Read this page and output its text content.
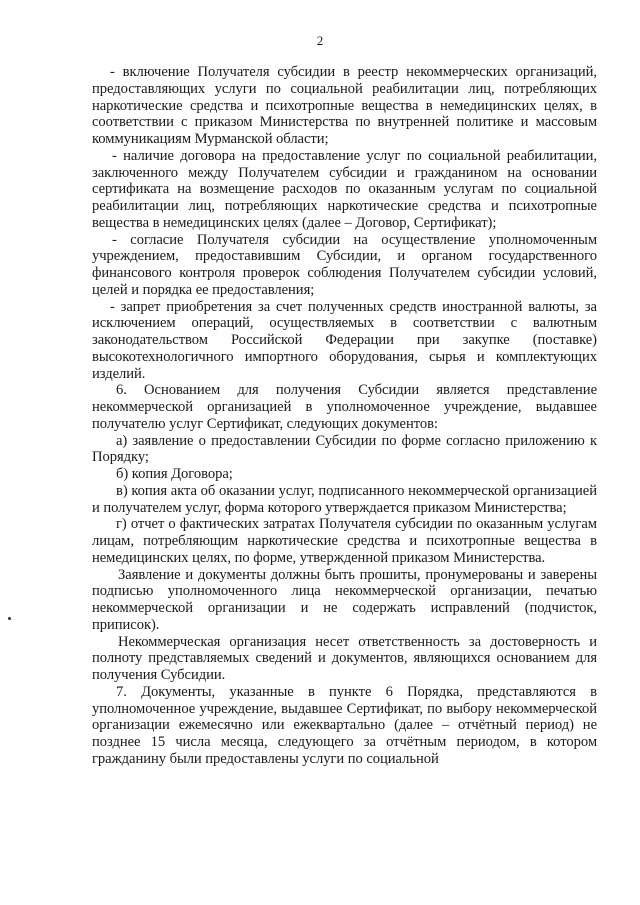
2

- включение Получателя субсидии в реестр некоммерческих организаций, предоставляющих услуги по социальной реабилитации лиц, потребляющих наркотические средства и психотропные вещества в немедицинских целях, в соответствии с приказом Министерства по внутренней политике и массовым коммуникациям Мурманской области;

- наличие договора на предоставление услуг по социальной реабилитации, заключенного между Получателем субсидии и гражданином на основании сертификата на возмещение расходов по оказанным услугам по социальной реабилитации лиц, потребляющих наркотические средства и психотропные вещества в немедицинских целях (далее – Договор, Сертификат);

- согласие Получателя субсидии на осуществление уполномоченным учреждением, предоставившим Субсидии, и органом государственного финансового контроля проверок соблюдения Получателем субсидии условий, целей и порядка ее предоставления;

- запрет приобретения за счет полученных средств иностранной валюты, за исключением операций, осуществляемых в соответствии с валютным законодательством Российской Федерации при закупке (поставке) высокотехнологичного импортного оборудования, сырья и комплектующих изделий.

6. Основанием для получения Субсидии является представление некоммерческой организацией в уполномоченное учреждение, выдавшее получателю услуг Сертификат, следующих документов:

а) заявление о предоставлении Субсидии по форме согласно приложению к Порядку;

б) копия Договора;

в) копия акта об оказании услуг, подписанного некоммерческой организацией и получателем услуг, форма которого утверждается приказом Министерства;

г) отчет о фактических затратах Получателя субсидии по оказанным услугам лицам, потребляющим наркотические средства и психотропные вещества в немедицинских целях, по форме, утвержденной приказом Министерства.

Заявление и документы должны быть прошиты, пронумерованы и заверены подписью уполномоченного лица некоммерческой организации, печатью некоммерческой организации и не содержать исправлений (подчисток, приписок).

Некоммерческая организация несет ответственность за достоверность и полноту представляемых сведений и документов, являющихся основанием для получения Субсидии.

7. Документы, указанные в пункте 6 Порядка, представляются в уполномоченное учреждение, выдавшее Сертификат, по выбору некоммерческой организации ежемесячно или ежеквартально (далее – отчётный период) не позднее 15 числа месяца, следующего за отчётным периодом, в котором гражданину были предоставлены услуги по социальной
